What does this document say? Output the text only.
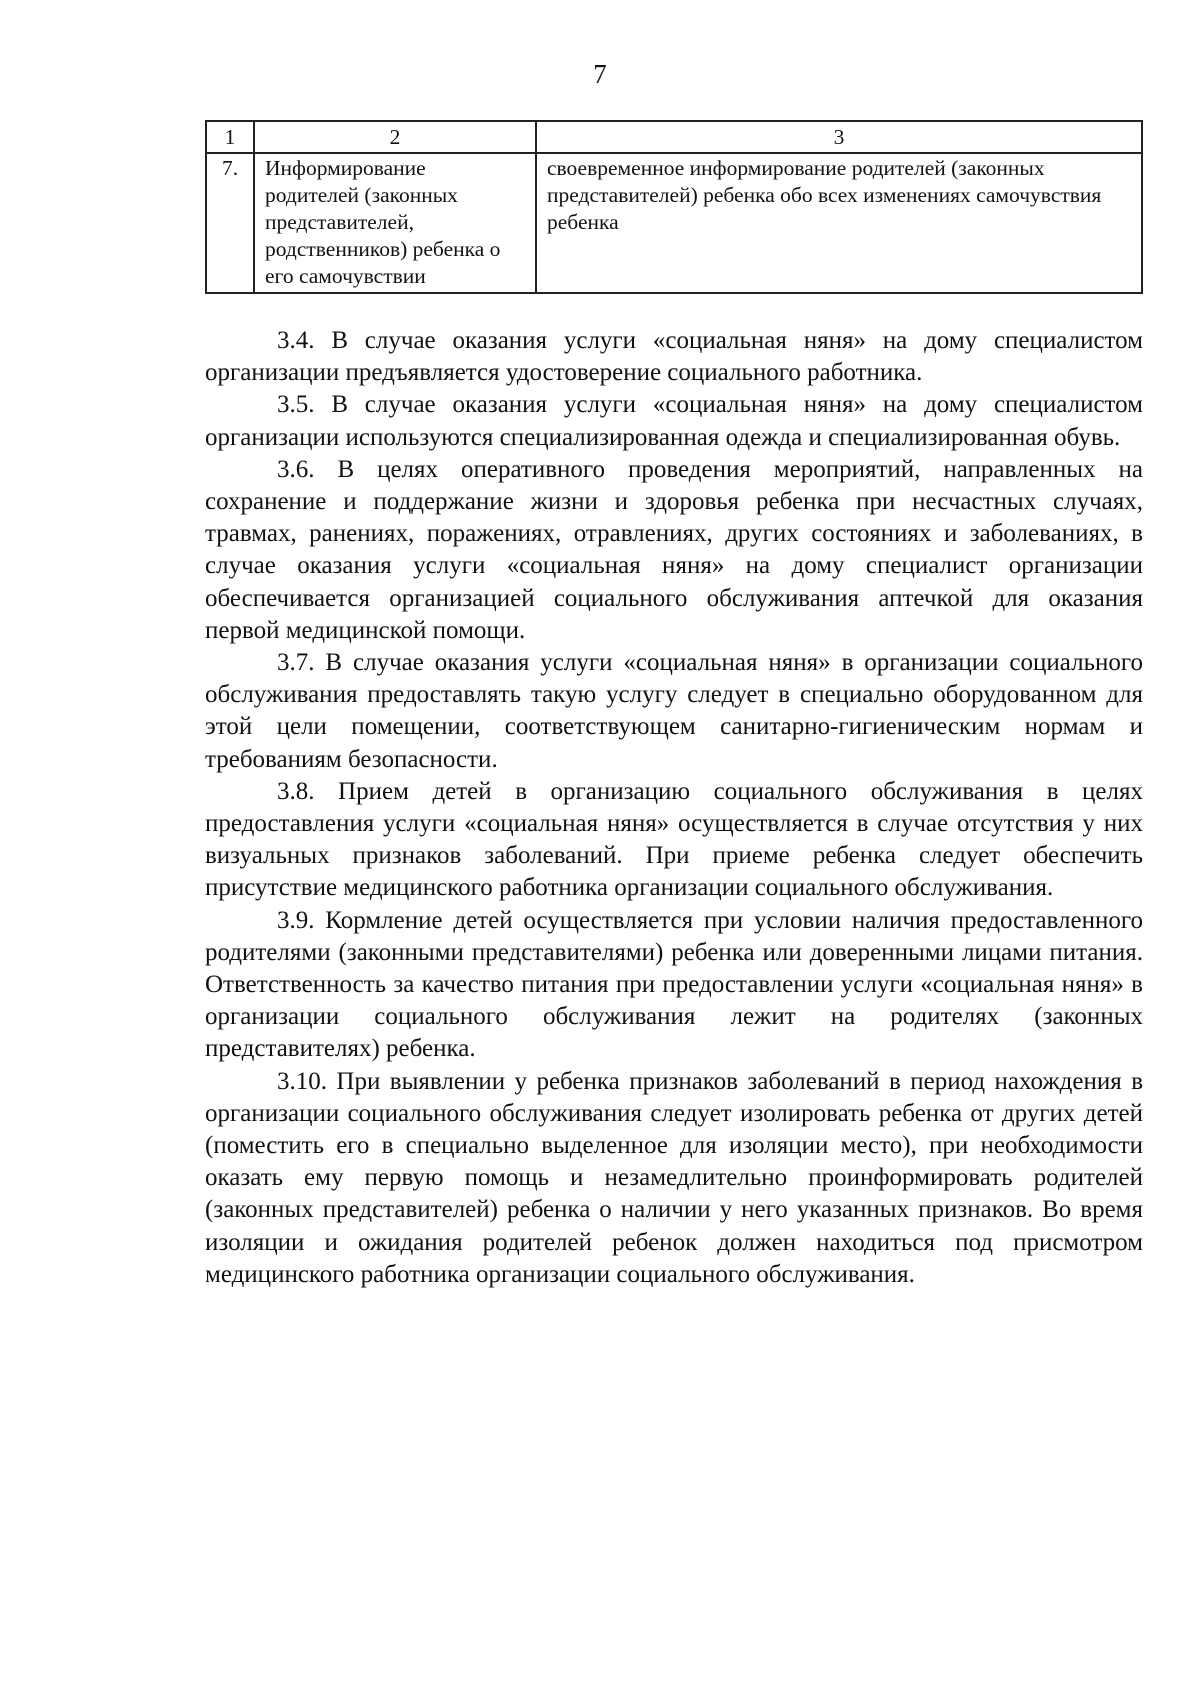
7
1	2	3
7.	Информирование родителей (законных представителей, родственников) ребенка о его самочувствии	своевременное информирование родителей (законных представителей) ребенка обо всех изменениях самочувствия ребенка

3.4. В случае оказания услуги «социальная няня» на дому специалистом организации предъявляется удостоверение социального работника.

3.5. В случае оказания услуги «социальная няня» на дому специалистом организации используются специализированная одежда и специализированная обувь.

3.6. В целях оперативного проведения мероприятий, направленных на сохранение и поддержание жизни и здоровья ребенка при несчастных случаях, травмах, ранениях, поражениях, отравлениях, других состояниях и заболеваниях, в случае оказания услуги «социальная няня» на дому специалист организации обеспечивается организацией социального обслуживания аптечкой для оказания первой медицинской помощи.

3.7. В случае оказания услуги «социальная няня» в организации социального обслуживания предоставлять такую услугу следует в специально оборудованном для этой цели помещении, соответствующем санитарно-гигиеническим нормам и требованиям безопасности.

3.8. Прием детей в организацию социального обслуживания в целях предоставления услуги «социальная няня» осуществляется в случае отсутствия у них визуальных признаков заболеваний. При приеме ребенка следует обеспечить присутствие медицинского работника организации социального обслуживания.

3.9. Кормление детей осуществляется при условии наличия предоставленного родителями (законными представителями) ребенка или доверенными лицами питания. Ответственность за качество питания при предоставлении услуги «социальная няня» в организации социального обслуживания лежит на родителях (законных представителях) ребенка.

3.10. При выявлении у ребенка признаков заболеваний в период нахождения в организации социального обслуживания следует изолировать ребенка от других детей (поместить его в специально выделенное для изоляции место), при необходимости оказать ему первую помощь и незамедлительно проинформировать родителей (законных представителей) ребенка о наличии у него указанных признаков. Во время изоляции и ожидания родителей ребенок должен находиться под присмотром медицинского работника организации социального обслуживания.
